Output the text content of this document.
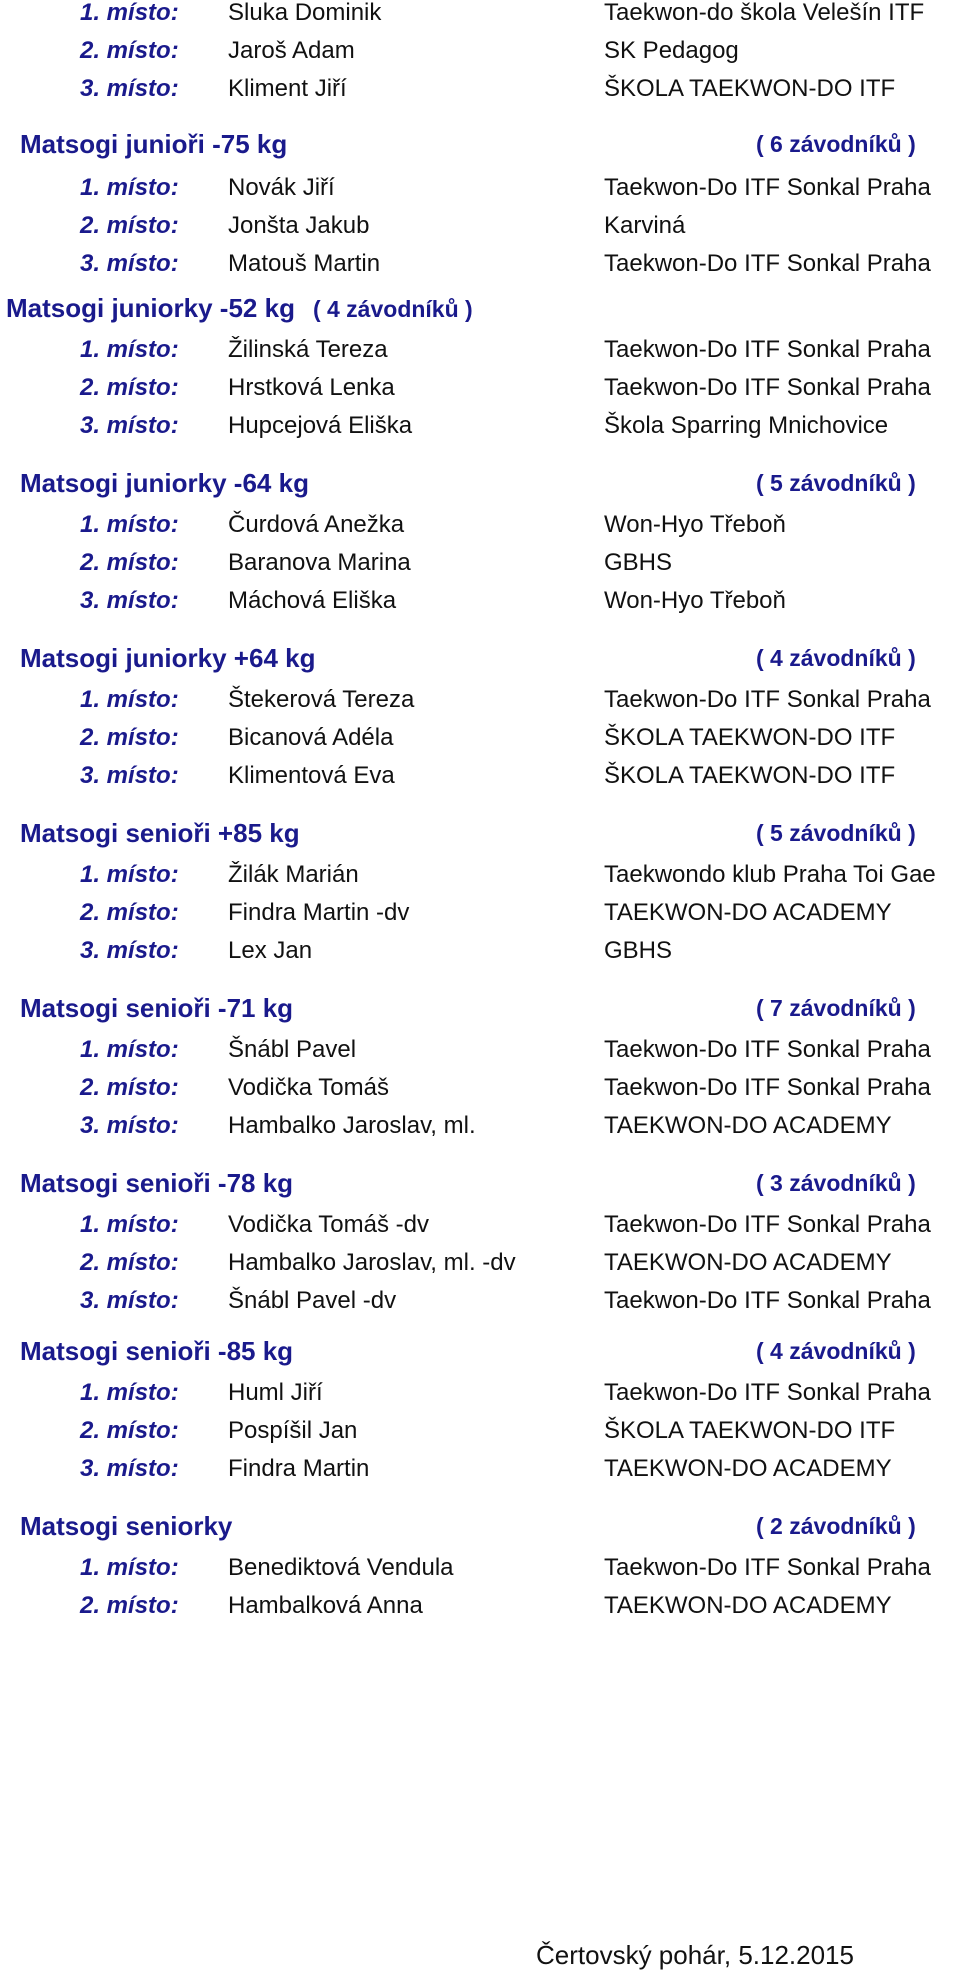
1. místo: Sluka Dominik	Taekwon-do škola Velešín ITF
2. místo: Jaroš Adam	SK Pedagog
3. místo: Kliment Jiří	ŠKOLA TAEKWON-DO ITF
Matsogi junioři -75 kg	( 6 závodníků )
1. místo: Novák Jiří	Taekwon-Do ITF Sonkal Praha
2. místo: Jonšta Jakub	Karviná
3. místo: Matouš Martin	Taekwon-Do ITF Sonkal Praha
Matsogi juniorky -52 kg ( 4 závodníků )
1. místo: Žilinská Tereza	Taekwon-Do ITF Sonkal Praha
2. místo: Hrstková Lenka	Taekwon-Do ITF Sonkal Praha
3. místo: Hupcejová Eliška	Škola Sparring Mnichovice
Matsogi juniorky -64 kg	( 5 závodníků )
1. místo: Čurdová Anežka	Won-Hyo Třeboň
2. místo: Baranova Marina	GBHS
3. místo: Máchová Eliška	Won-Hyo Třeboň
Matsogi juniorky +64 kg	( 4 závodníků )
1. místo: Štekerová Tereza	Taekwon-Do ITF Sonkal Praha
2. místo: Bicanová Adéla	ŠKOLA TAEKWON-DO ITF
3. místo: Klimentová Eva	ŠKOLA TAEKWON-DO ITF
Matsogi senioři +85 kg	( 5 závodníků )
1. místo: Žilák Marián	Taekwondo klub Praha Toi Gae
2. místo: Findra Martin -dv	TAEKWON-DO ACADEMY
3. místo: Lex Jan	GBHS
Matsogi senioři -71 kg	( 7 závodníků )
1. místo: Šnábl Pavel	Taekwon-Do ITF Sonkal Praha
2. místo: Vodička Tomáš	Taekwon-Do ITF Sonkal Praha
3. místo: Hambalko Jaroslav, ml.	TAEKWON-DO ACADEMY
Matsogi senioři -78 kg	( 3 závodníků )
1. místo: Vodička Tomáš -dv	Taekwon-Do ITF Sonkal Praha
2. místo: Hambalko Jaroslav, ml. -dv	TAEKWON-DO ACADEMY
3. místo: Šnábl Pavel -dv	Taekwon-Do ITF Sonkal Praha
Matsogi senioři -85 kg	( 4 závodníků )
1. místo: Huml Jiří	Taekwon-Do ITF Sonkal Praha
2. místo: Pospíšil Jan	ŠKOLA TAEKWON-DO ITF
3. místo: Findra Martin	TAEKWON-DO ACADEMY
Matsogi seniorky	( 2 závodníků )
1. místo: Benediktová Vendula	Taekwon-Do ITF Sonkal Praha
2. místo: Hambalková Anna	TAEKWON-DO ACADEMY
Čertovský pohár, 5.12.2015
